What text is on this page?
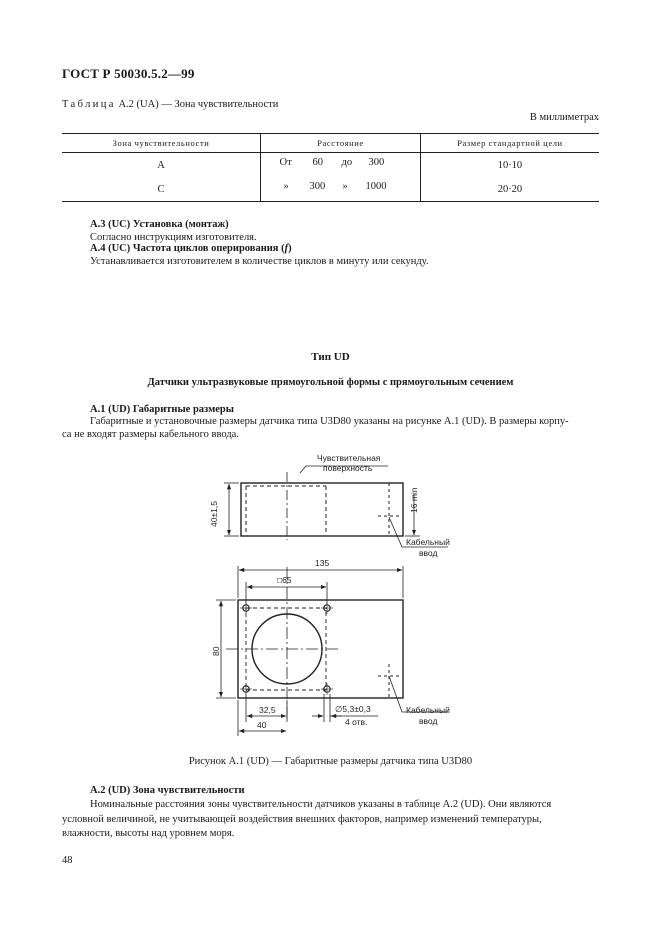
ГОСТ Р 50030.5.2—99
Таблица А.2 (UA) — Зона чувствительности
В миллиметрах
Зона чувствительности	Расстояние	Размер стандартной цели
A	От 60 до 300	10·10
C	» 300 » 1000	20·20
А.3 (UC) Установка (монтаж)
Согласно инструкциям изготовителя.
А.4 (UC) Частота циклов оперирования (f)
Устанавливается изготовителем в количестве циклов в минуту или секунду.
Тип UD
Датчики ультразвуковые прямоугольной формы с прямоугольным сечением
А.1 (UD) Габаритные размеры
Габаритные и установочные размеры датчика типа U3D80 указаны на рисунке А.1 (UD). В размеры корпу-
са не входят размеры кабельного ввода.
Чувствительная
поверхность
40±1,5
16 min
Кабельный
ввод
135
□65
80
32,5
40
∅5,3±0,3
4 отв.
Кабельный
ввод
Рисунок А.1 (UD) — Габаритные размеры датчика типа U3D80
А.2 (UD) Зона чувствительности
Номинальные расстояния зоны чувствительности датчиков указаны в таблице А.2 (UD). Они являются
условной величиной, не учитывающей воздействия внешних факторов, например изменений температуры,
влажности, высоты над уровнем моря.
48
